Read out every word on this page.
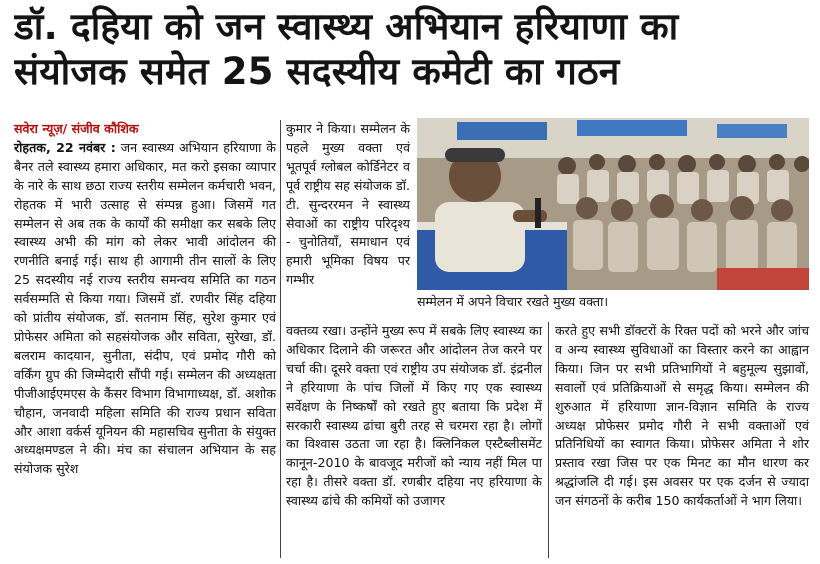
डॉ. दहिया को जन स्वास्थ्य अभियान हरियाणा का
संयोजक समेत 25 सदस्यीय कमेटी का गठन

सवेरा न्यूज़/ संजीव कौशिक

रोहतक, 22 नवंबर : जन स्वास्थ्य अभियान हरियाणा के बैनर तले स्वास्थ्य हमारा अधिकार, मत करो इसका व्यापार के नारे के साथ छठा राज्य स्तरीय सम्मेलन कर्मचारी भवन, रोहतक में भारी उत्साह से संम्पन्न हुआ। जिसमें गत सम्मेलन से अब तक के कार्यों की समीक्षा कर सबके लिए स्वास्थ्य अभी की मांग को लेकर भावी आंदोलन की रणनीति बनाई गई। साथ ही आगामी तीन सालों के लिए 25 सदस्यीय नई राज्य स्तरीय समन्वय समिति का गठन सर्वसम्मति से किया गया। जिसमें डॉ. रणवीर सिंह दहिया को प्रांतीय संयोजक, डॉ. सतनाम सिंह, सुरेश कुमार एवं प्रोफेसर अमिता को सहसंयोजक और सविता, सुरेखा, डॉ. बलराम कादयान, सुनीता, संदीप, एवं प्रमोद गौरी को वर्किंग ग्रुप की जिम्मेदारी सौंपी गई। सम्मेलन की अध्यक्षता पीजीआईएमएस के कैंसर विभाग विभागाध्यक्ष, डॉ. अशोक चौहान, जनवादी महिला समिति की राज्य प्रधान सविता और आशा वर्कर्स यूनियन की महासचिव सुनीता के संयुक्त अध्यक्षमण्डल ने की। मंच का संचालन अभियान के सह संयोजक सुरेश

कुमार ने किया। सम्मेलन के पहले मुख्य वक्ता एवं भूतपूर्व ग्लोबल कोर्डिनेटर व पूर्व राष्ट्रीय सह संयोजक डॉ. टी. सुन्दररमन ने स्वास्थ्य सेवाओं का राष्ट्रीय परिदृश्य - चुनोतियाँ, समाधान एवं हमारी भूमिका विषय पर गम्भीर

सम्मेलन में अपने विचार रखते मुख्य वक्ता।

वक्तव्य रखा। उन्होंने मुख्य रूप में सबके लिए स्वास्थ्य का अधिकार दिलाने की जरूरत और आंदोलन तेज करने पर चर्चा की। दूसरे वक्ता एवं राष्ट्रीय उप संयोजक डॉ. इंद्रनील ने हरियाणा के पांच जिलों में किए गए एक स्वास्थ्य सर्वेक्षण के निष्कर्षों को रखते हुए बताया कि प्रदेश में सरकारी स्वास्थ्य ढांचा बुरी तरह से चरमरा रहा है। लोगों का विश्वास उठता जा रहा है। क्लिनिकल एस्टैब्लीसमेंट कानून-2010 के बावजूद मरीजों को न्याय नहीं मिल पा रहा है। तीसरे वक्ता डॉ. रणबीर दहिया नए हरियाणा के स्वास्थ्य ढांचे की कमियों को उजागर

करते हुए सभी डॉक्टरों के रिक्त पदों को भरने और जांच व अन्य स्वास्थ्य सुविधाओं का विस्तार करने का आह्वान किया। जिन पर सभी प्रतिभागियों ने बहुमूल्य सुझावों, सवालों एवं प्रतिक्रियाओं से समृद्ध किया। सम्मेलन की शुरुआत में हरियाणा ज्ञान-विज्ञान समिति के राज्य अध्यक्ष प्रोफेसर प्रमोद गौरी ने सभी वक्ताओं एवं प्रतिनिधियों का स्वागत किया। प्रोफेसर अमिता ने शोर प्रस्ताव रखा जिस पर एक मिनट का मौन धारण कर श्रद्धांजलि दी गई। इस अवसर पर एक दर्जन से ज्यादा जन संगठनों के करीब 150 कार्यकर्ताओं ने भाग लिया।
